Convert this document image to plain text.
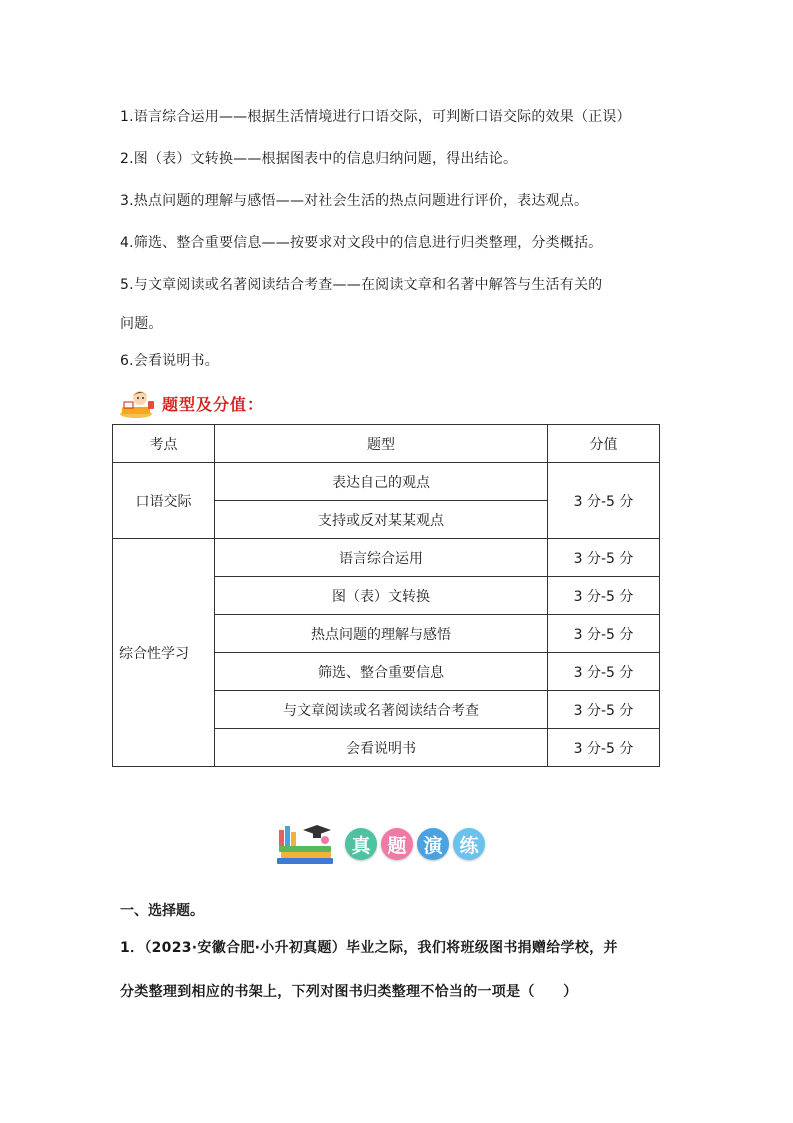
1.语言综合运用——根据生活情境进行口语交际，可判断口语交际的效果（正误）
2.图（表）文转换——根据图表中的信息归纳问题，得出结论。
3.热点问题的理解与感悟——对社会生活的热点问题进行评价，表达观点。
4.筛选、整合重要信息——按要求对文段中的信息进行归类整理，分类概括。
5.与文章阅读或名著阅读结合考查——在阅读文章和名著中解答与生活有关的
问题。
6.会看说明书。
题型及分值：
考点	题型	分值
口语交际	表达自己的观点	3 分-5 分
	支持或反对某某观点	
综合性学习	语言综合运用	3 分-5 分
	图（表）文转换	3 分-5 分
	热点问题的理解与感悟	3 分-5 分
	筛选、整合重要信息	3 分-5 分
	与文章阅读或名著阅读结合考查	3 分-5 分
	会看说明书	3 分-5 分
真 题 演 练
一、选择题。
1．（2023·安徽合肥·小升初真题）毕业之际，我们将班级图书捐赠给学校，并
分类整理到相应的书架上，下列对图书归类整理不恰当的一项是（　　）
